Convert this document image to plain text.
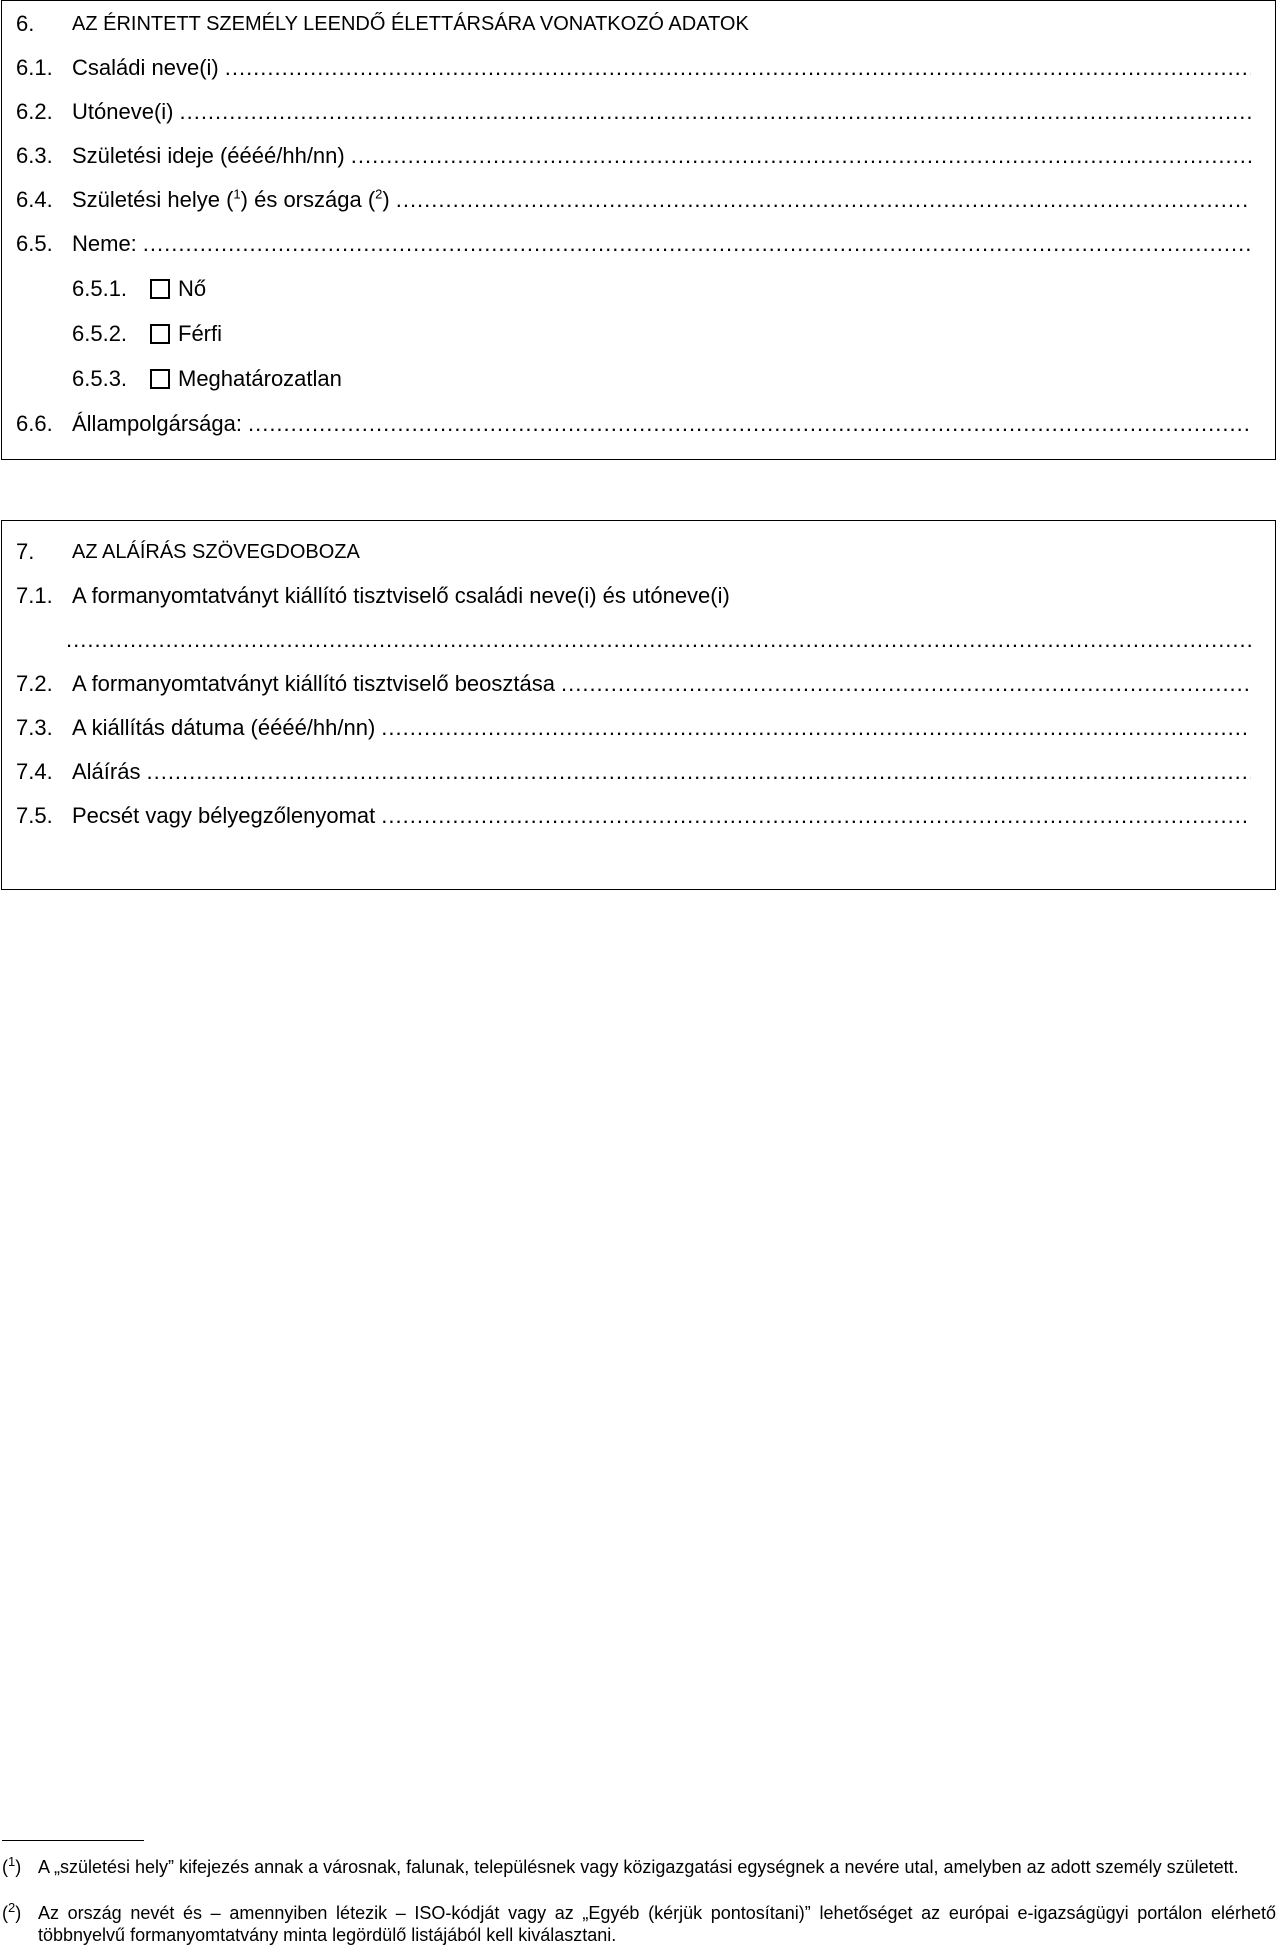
6.	AZ ÉRINTETT SZEMÉLY LEENDŐ ÉLETTÁRSÁRA VONATKOZÓ ADATOK
6.1. Családi neve(i)
.....
6.2. Utóneve(i)
.....
6.3. Születési ideje (éééé/hh/nn)
.....
6.4. Születési helye ($^1$) és országa ($^2$)
.....
6.5. Neme:
.....
6.5.1.	Nő
6.5.2.	Férfi
6.5.3.	Meghatározatlan
6.6. Állampolgársága:
.....
7.	AZ ALÁÍRÁS SZÖVEGDOBOZA
7.1. A formanyomtatványt kiállító tisztviselő családi neve(i) és utóneve(i)
.....
7.2. A formanyomtatványt kiállító tisztviselő beosztása
.....
7.3. A kiállítás dátuma (éééé/hh/nn)
.....
7.4. Aláírás
.....
7.5. Pecsét vagy bélyegzőlenyomat
.....
($^1$) A „születési hely” kifejezés annak a városnak, falunak, településnek vagy közigazgatási egységnek a nevére utal, amelyben az adott személy született.
($^2$) Az ország nevét és – amennyiben létezik – ISO-kódját vagy az „Egyéb (kérjük pontosítani)” lehetőséget az európai e-igazságügyi portálon elérhető többnyelvű formanyomtatvány minta legördülő listájából kell kiválasztani.
